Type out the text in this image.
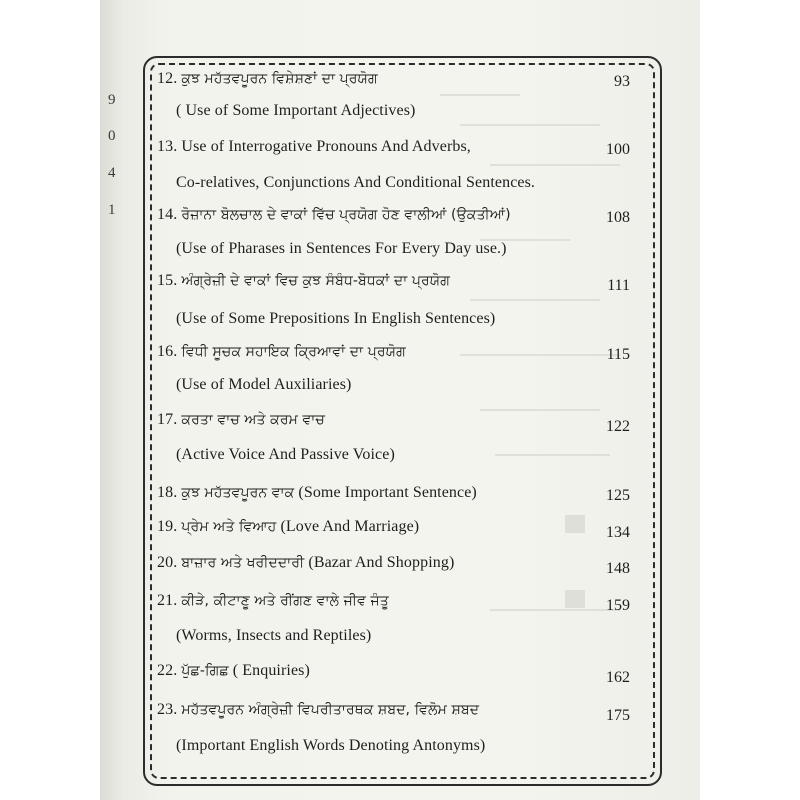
9
0
4
1
12. ਕੁਝ ਮਹੱਤਵਪੂਰਨ ਵਿਸ਼ੇਸ਼ਣਾਂ ਦਾ ਪ੍ਰਯੋਗ	93
( Use of Some Important Adjectives)
13. Use of Interrogative Pronouns And Adverbs,	100
Co-relatives, Conjunctions And Conditional Sentences.
14. ਰੋਜ਼ਾਨਾ ਬੋਲਚਾਲ ਦੇ ਵਾਕਾਂ ਵਿੱਚ ਪ੍ਰਯੋਗ ਹੋਣ ਵਾਲੀਆਂ (ਉਕਤੀਆਂ)	108
(Use of Pharases in Sentences For Every Day use.)
15. ਅੰਗ੍ਰੇਜ਼ੀ ਦੇ ਵਾਕਾਂ ਵਿਚ ਕੁਝ ਸੰਬੰਧ-ਬੋਧਕਾਂ ਦਾ ਪ੍ਰਯੋਗ	111
(Use of Some Prepositions In English Sentences)
16. ਵਿਧੀ ਸੂਚਕ ਸਹਾਇਕ ਕ੍ਰਿਆਵਾਂ ਦਾ ਪ੍ਰਯੋਗ	115
(Use of Model Auxiliaries)
17. ਕਰਤਾ ਵਾਚ ਅਤੇ ਕਰਮ ਵਾਚ	122
(Active Voice And Passive Voice)
18. ਕੁਝ ਮਹੱਤਵਪੂਰਨ ਵਾਕ (Some Important Sentence)	125
19. ਪ੍ਰੇਮ ਅਤੇ ਵਿਆਹ (Love And Marriage)	134
20. ਬਾਜ਼ਾਰ ਅਤੇ ਖਰੀਦਦਾਰੀ (Bazar And Shopping)	148
21. ਕੀੜੇ, ਕੀਟਾਣੂ ਅਤੇ ਰੀਂਗਣ ਵਾਲੇ ਜੀਵ ਜੰਤੂ	159
(Worms, Insects and Reptiles)
22. ਪੁੱਛ-ਗਿਛ ( Enquiries)	162
23. ਮਹੱਤਵਪੂਰਨ ਅੰਗ੍ਰੇਜ਼ੀ ਵਿਪਰੀਤਾਰਥਕ ਸ਼ਬਦ, ਵਿਲੋਮ ਸ਼ਬਦ	175
(Important English Words Denoting Antonyms)
